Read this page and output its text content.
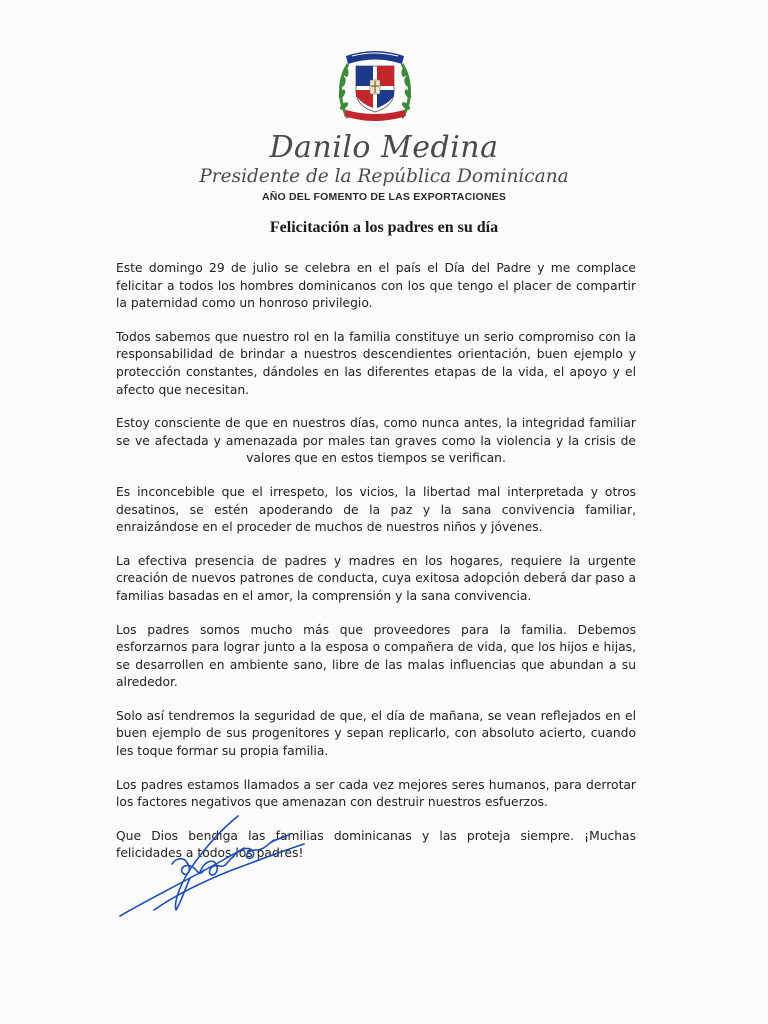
Danilo Medina
Presidente de la República Dominicana
AÑO DEL FOMENTO DE LAS EXPORTACIONES
Felicitación a los padres en su día

Este domingo 29 de julio se celebra en el país el Día del Padre y me complace felicitar a todos los hombres dominicanos con los que tengo el placer de compartir la paternidad como un honroso privilegio.

Todos sabemos que nuestro rol en la familia constituye un serio compromiso con la responsabilidad de brindar a nuestros descendientes orientación, buen ejemplo y protección constantes, dándoles en las diferentes etapas de la vida, el apoyo y el afecto que necesitan.

Estoy consciente de que en nuestros días, como nunca antes, la integridad familiar se ve afectada y amenazada por males tan graves como la violencia y la crisis de valores que en estos tiempos se verifican.

Es inconcebible que el irrespeto, los vicios, la libertad mal interpretada y otros desatinos, se estén apoderando de la paz y la sana convivencia familiar, enraizándose en el proceder de muchos de nuestros niños y jóvenes.

La efectiva presencia de padres y madres en los hogares, requiere la urgente creación de nuevos patrones de conducta, cuya exitosa adopción deberá dar paso a familias basadas en el amor, la comprensión y la sana convivencia.

Los padres somos mucho más que proveedores para la familia. Debemos esforzarnos para lograr junto a la esposa o compañera de vida, que los hijos e hijas, se desarrollen en ambiente sano, libre de las malas influencias que abundan a su alrededor.

Solo así tendremos la seguridad de que, el día de mañana, se vean reflejados en el buen ejemplo de sus progenitores y sepan replicarlo, con absoluto acierto, cuando les toque formar su propia familia.

Los padres estamos llamados a ser cada vez mejores seres humanos, para derrotar los factores negativos que amenazan con destruir nuestros esfuerzos.

Que Dios bendiga las familias dominicanas y las proteja siempre. ¡Muchas felicidades a todos los padres!
